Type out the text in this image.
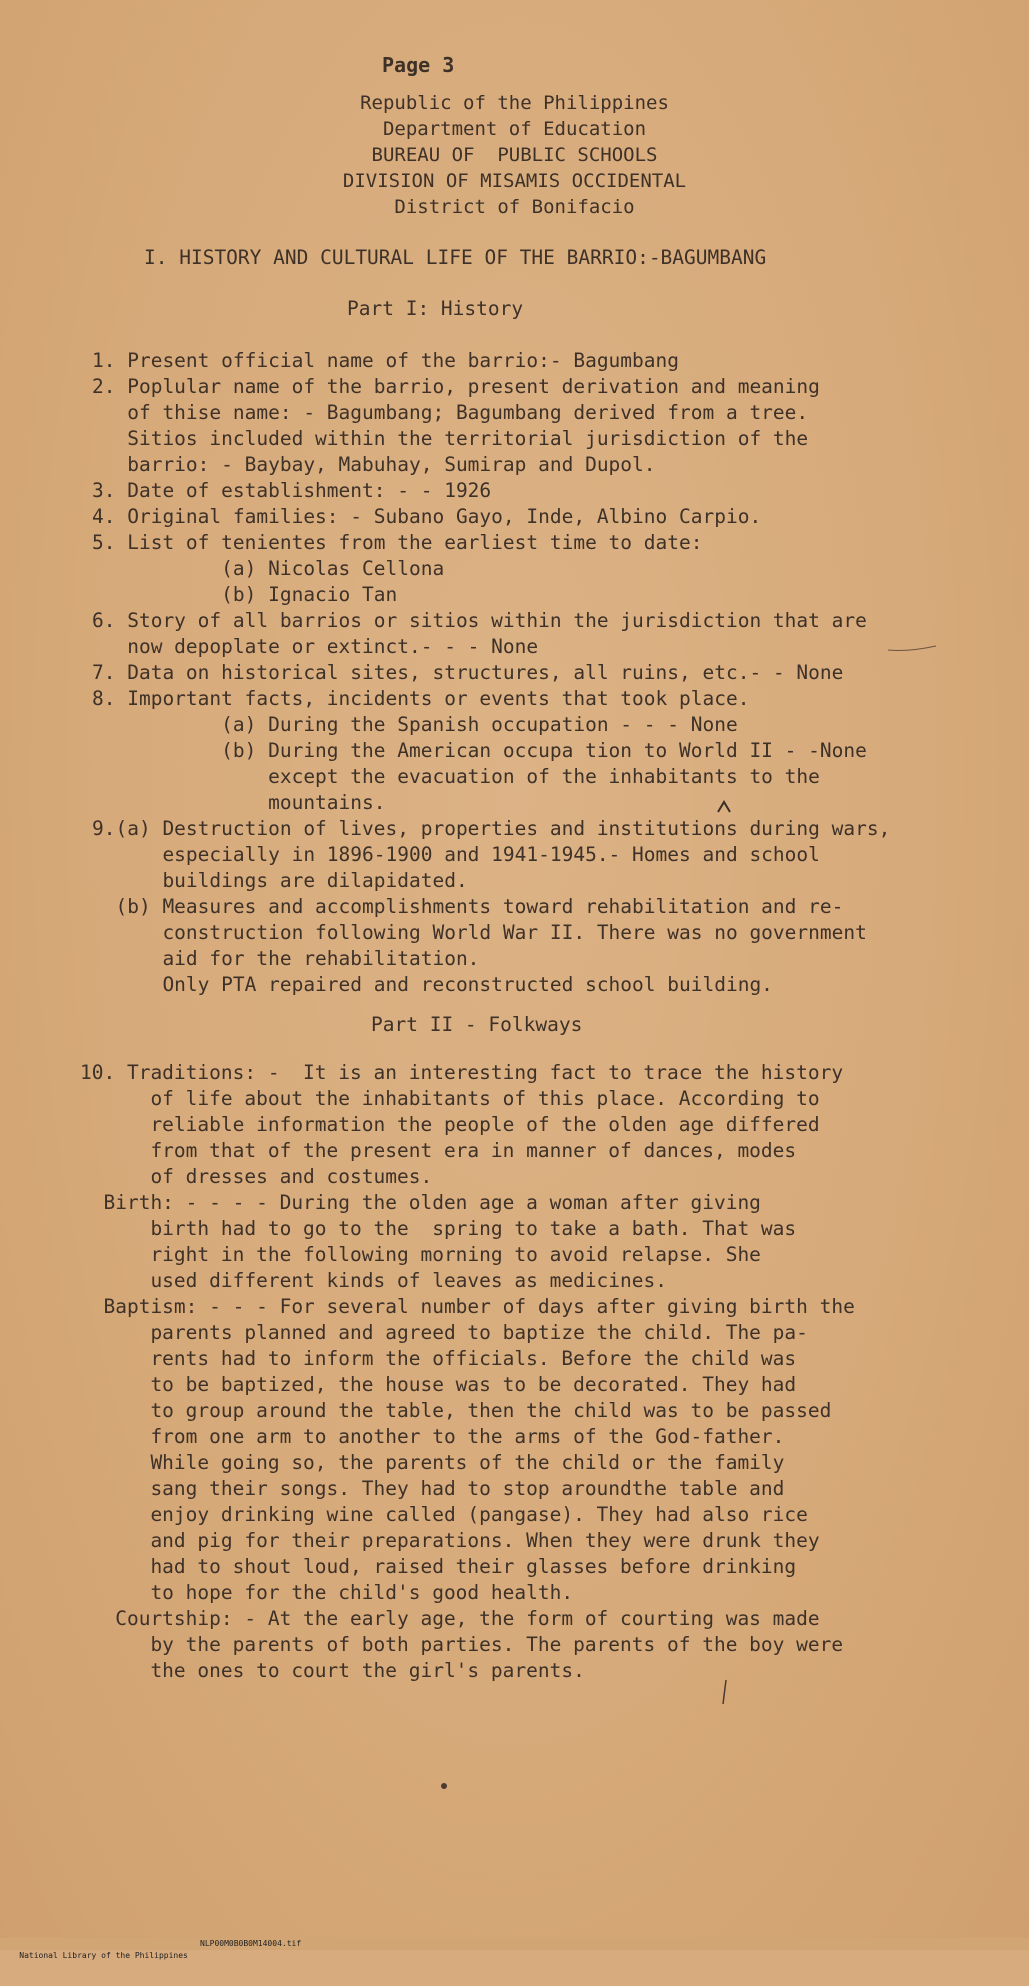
Page 3
Republic of the Philippines
Department of Education
BUREAU OF  PUBLIC SCHOOLS
DIVISION OF MISAMIS OCCIDENTAL
District of Bonifacio
I. HISTORY AND CULTURAL LIFE OF THE BARRIO:-BAGUMBANG
Part I: History
1. Present official name of the barrio:- Bagumbang
2. Poplular name of the barrio, present derivation and meaning
of thise name: - Bagumbang; Bagumbang derived from a tree.
Sitios included within the territorial jurisdiction of the
barrio: - Baybay, Mabuhay, Sumirap and Dupol.
3. Date of establishment: - - 1926
4. Original families: - Subano Gayo, Inde, Albino Carpio.
5. List of tenientes from the earliest time to date:
(a) Nicolas Cellona
(b) Ignacio Tan
6. Story of all barrios or sitios within the jurisdiction that are
now depoplate or extinct.- - - None
7. Data on historical sites, structures, all ruins, etc.- - None
8. Important facts, incidents or events that took place.
(a) During the Spanish occupation - - - None
(b) During the American occupa tion to World II - -None
except the evacuation of the inhabitants to the
mountains.
9.(a) Destruction of lives, properties and institutions during wars,
especially in 1896-1900 and 1941-1945.- Homes and school
buildings are dilapidated.
(b) Measures and accomplishments toward rehabilitation and re-
construction following World War II. There was no government
aid for the rehabilitation.
Only PTA repaired and reconstructed school building.
Part II - Folkways
10. Traditions: -  It is an interesting fact to trace the history
of life about the inhabitants of this place. According to
reliable information the people of the olden age differed
from that of the present era in manner of dances, modes
of dresses and costumes.
Birth: - - - - During the olden age a woman after giving
birth had to go to the  spring to take a bath. That was
right in the following morning to avoid relapse. She
used different kinds of leaves as medicines.
Baptism: - - - For several number of days after giving birth the
parents planned and agreed to baptize the child. The pa-
rents had to inform the officials. Before the child was
to be baptized, the house was to be decorated. They had
to group around the table, then the child was to be passed
from one arm to another to the arms of the God-father.
While going so, the parents of the child or the family
sang their songs. They had to stop aroundthe table and
enjoy drinking wine called (pangase). They had also rice
and pig for their preparations. When they were drunk they
had to shout loud, raised their glasses before drinking
to hope for the child's good health.
Courtship: - At the early age, the form of courting was made
by the parents of both parties. The parents of the boy were
the ones to court the girl's parents.

National Library of the Philippines

NLP00M0B0B0M14004.tif
